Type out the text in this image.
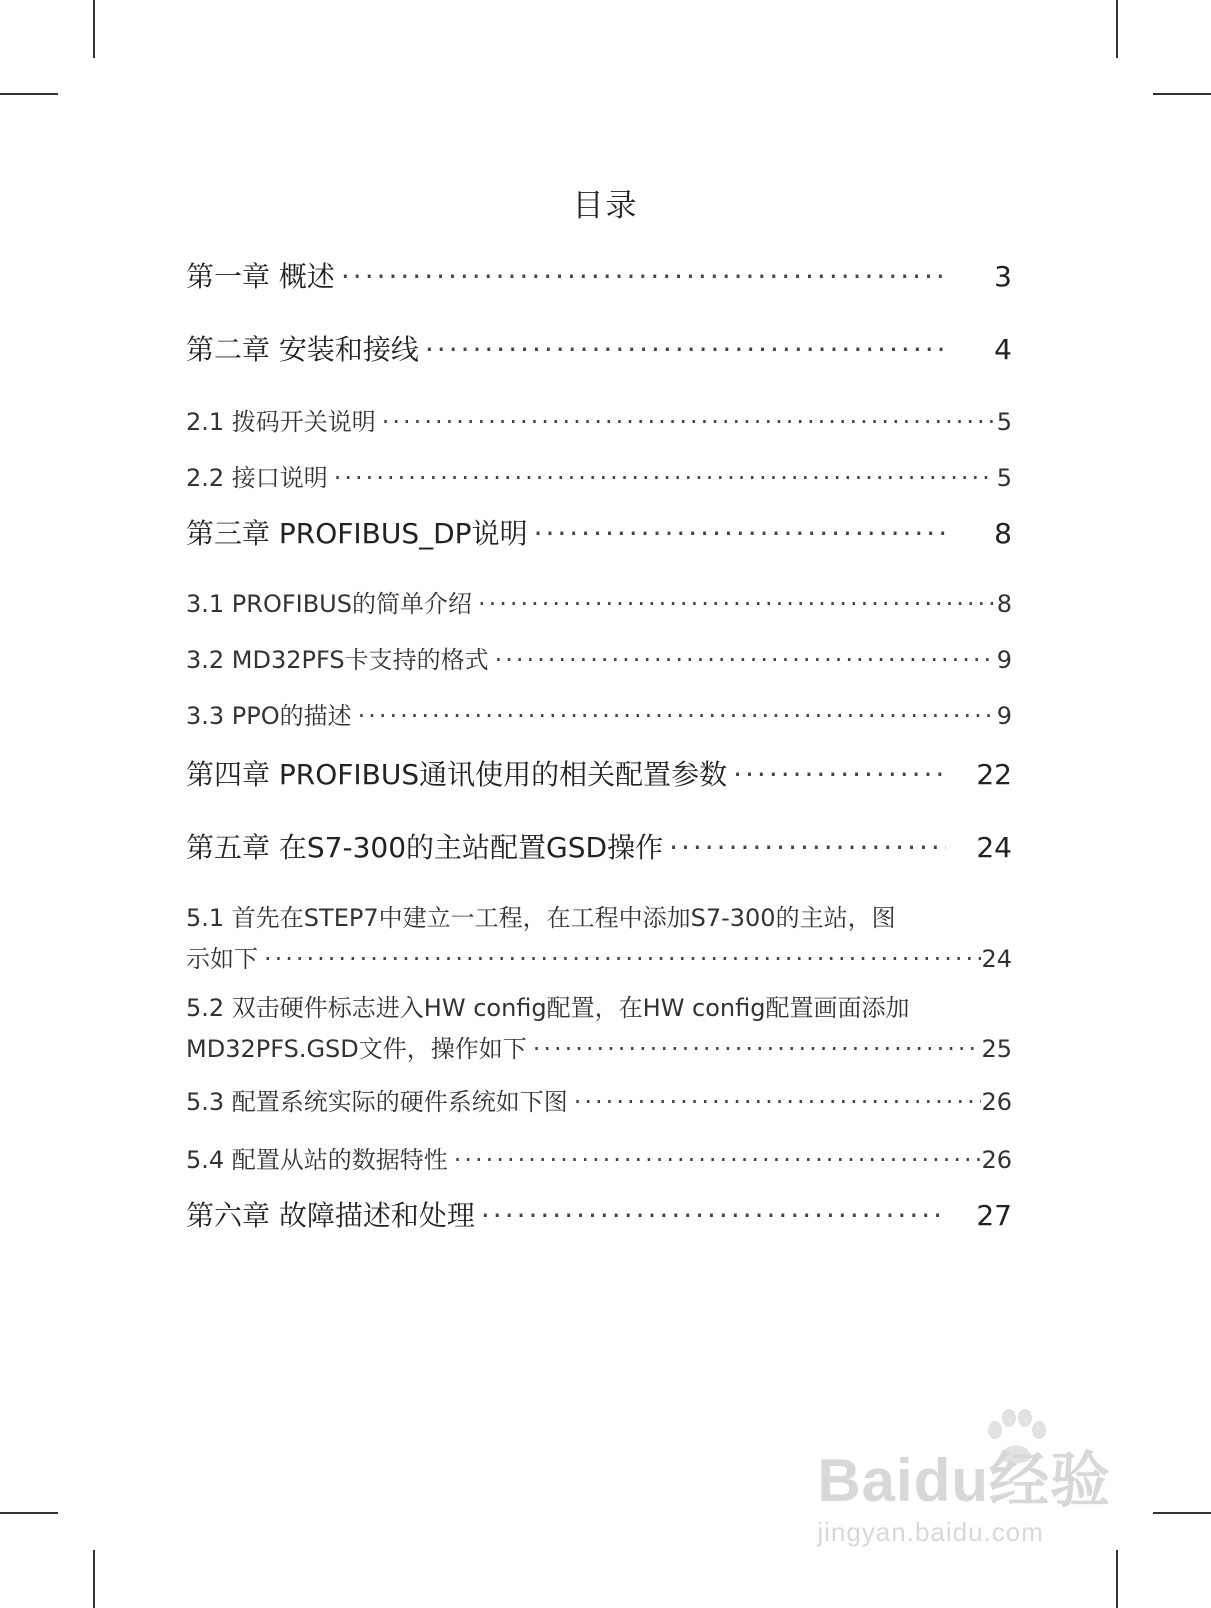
目录
第一章 概述 ·····	3
第二章 安装和接线 ·····	4
2.1 拨码开关说明 ·····	5
2.2 接口说明 ·····	5
第三章 PROFIBUS_DP说明 ·····	8
3.1 PROFIBUS的简单介绍 ·····	8
3.2 MD32PFS卡支持的格式 ·····	9
3.3 PPO的描述 ·····	9
第四章 PROFIBUS通讯使用的相关配置参数 ·····	22
第五章 在S7-300的主站配置GSD操作 ·····	24
5.1 首先在STEP7中建立一工程，在工程中添加S7-300的主站，图
示如下 ·····	24
5.2 双击硬件标志进入HW config配置，在HW config配置画面添加
MD32PFS.GSD文件，操作如下 ·····	25
5.3 配置系统实际的硬件系统如下图 ·····	26
5.4 配置从站的数据特性 ·····	26
第六章 故障描述和处理 ·····	27
Baidu经验
jingyan.baidu.com
